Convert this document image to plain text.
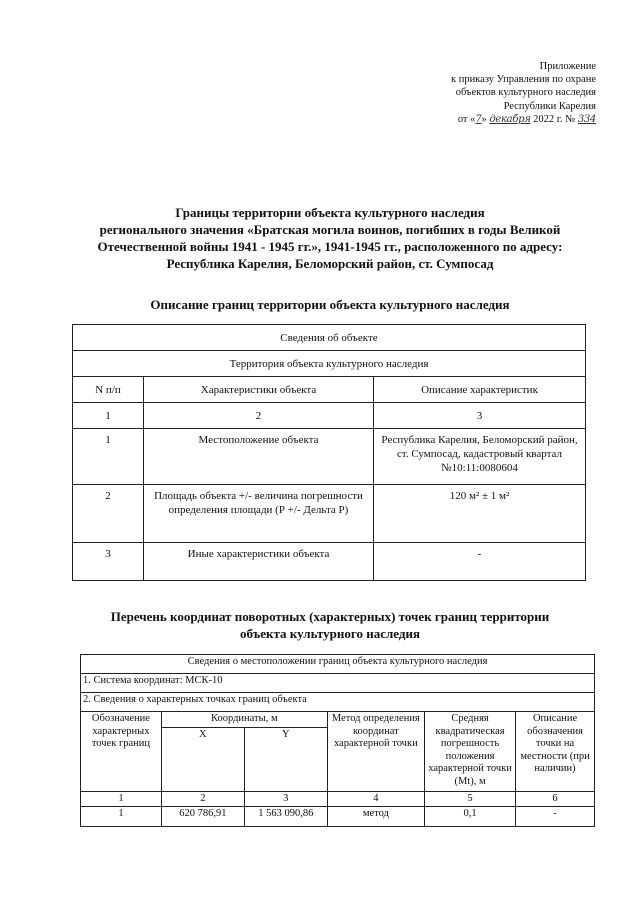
Приложение
к приказу Управления по охране
объектов культурного наследия
Республики Карелия
от «7» декабря 2022 г. № 334
Границы территории объекта культурного наследия
регионального значения «Братская могила воинов, погибших в годы Великой
Отечественной войны 1941 - 1945 гг.», 1941-1945 гг., расположенного по адресу:
Республика Карелия, Беломорский район, ст. Сумпосад
Описание границ территории объекта культурного наследия
Сведения об объекте		
Территория объекта культурного наследия		
N п/п	Характеристики объекта	Описание характеристик
1	2	3
1	Местоположение объекта	Республика Карелия, Беломорский район, ст. Сумпосад, кадастровый квартал №10:11:0080604
2	Площадь объекта +/- величина погрешности определения площади (Р +/- Дельта Р)	120 м² ± 1 м²
3	Иные характеристики объекта	-
Перечень координат поворотных (характерных) точек границ территории
объекта культурного наследия
Сведения о местоположении границ объекта культурного наследия					
1. Система координат: МСК-10					
2. Сведения о характерных точках границ объекта					
Обозначение характерных точек границ	Координаты, м		Метод определения координат характерной точки	Средняя квадратическая погрешность положения характерной точки (Mt), м	Описание обозначения точки на местности (при наличии)
	X	Y			
1	2	3	4	5	6
1	620 786,91	1 563 090,86	метод	0,1	-
